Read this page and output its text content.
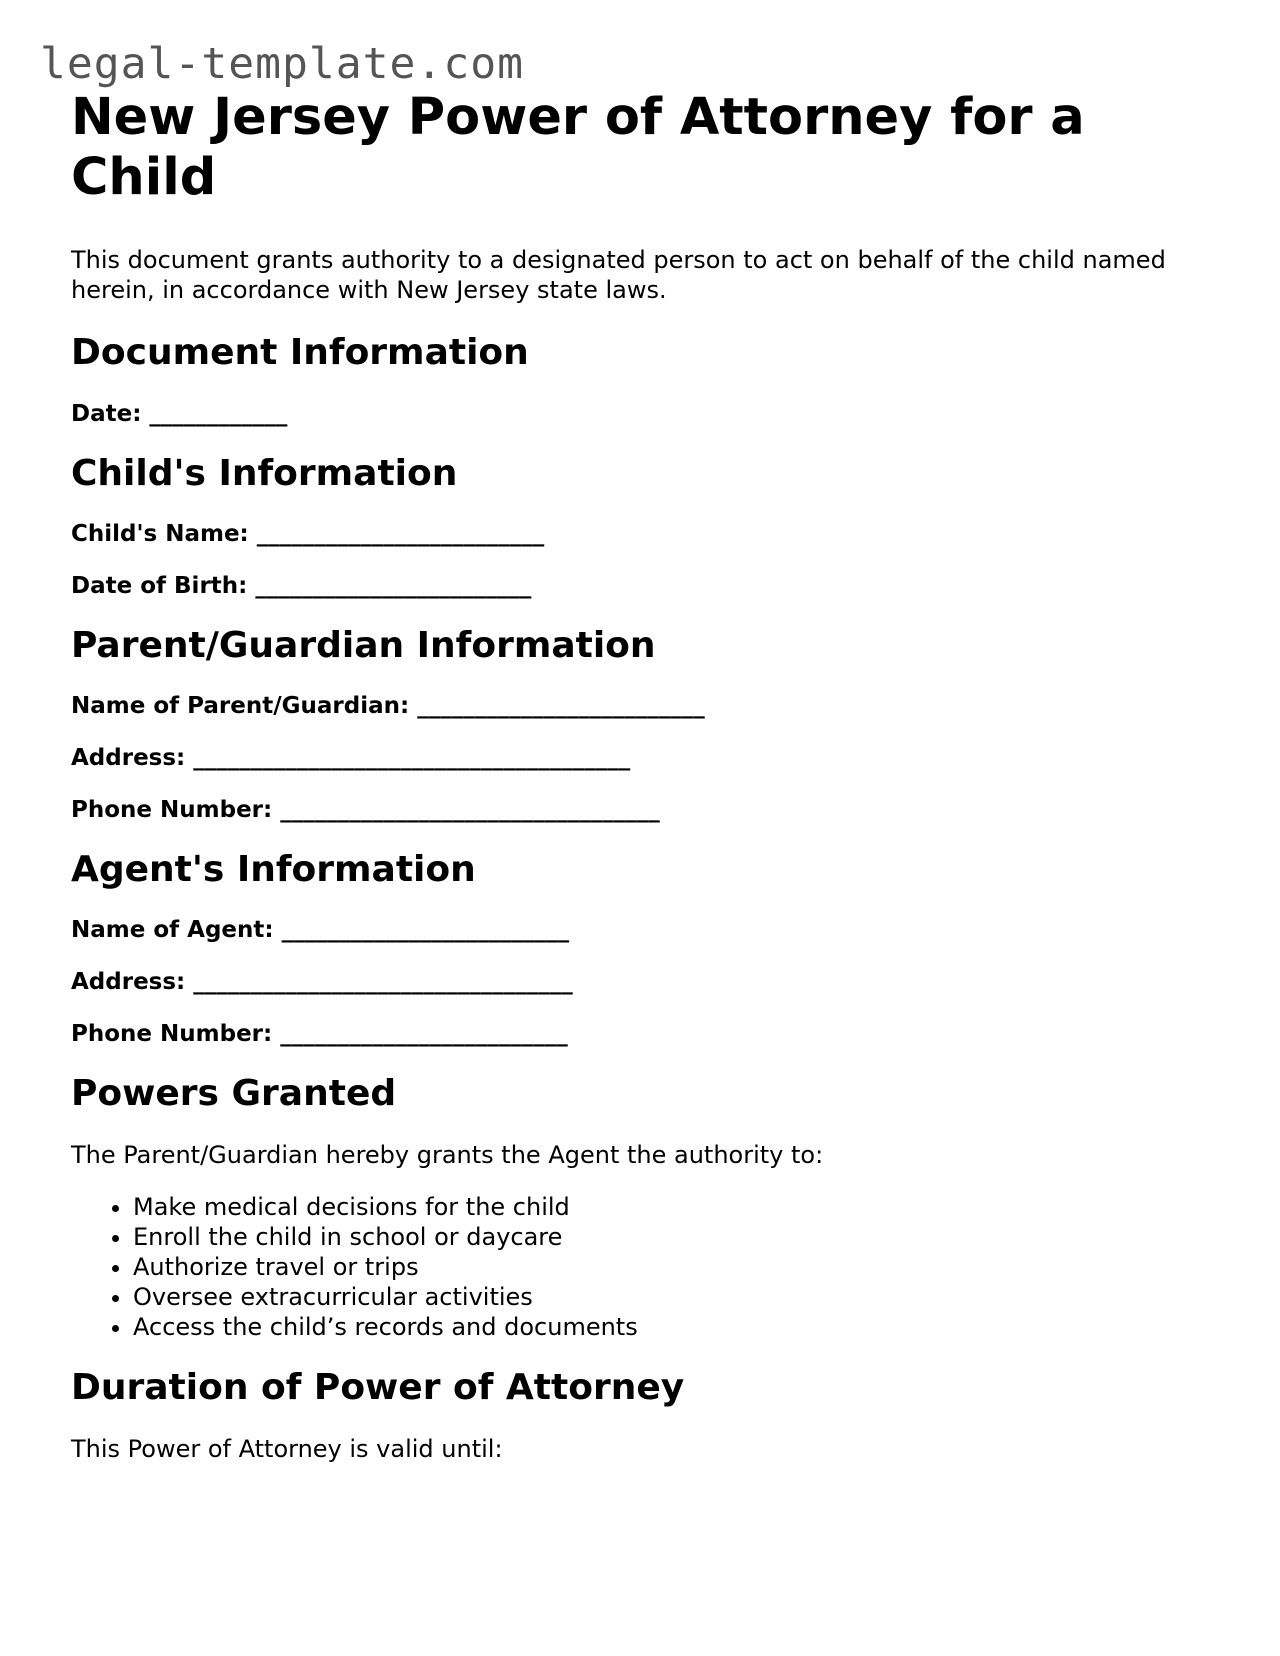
legal-template.com
New Jersey Power of Attorney for a Child

This document grants authority to a designated person to act on behalf of the child named herein, in accordance with New Jersey state laws.

Document Information
Date: ____________
Child's Information
Child's Name: _________________________
Date of Birth: ________________________
Parent/Guardian Information
Name of Parent/Guardian: _________________________
Address: ______________________________________
Phone Number: _________________________________
Agent's Information
Name of Agent: _________________________
Address: _________________________________
Phone Number: _________________________
Powers Granted

The Parent/Guardian hereby grants the Agent the authority to:

• Make medical decisions for the child
• Enroll the child in school or daycare
• Authorize travel or trips
• Oversee extracurricular activities
• Access the child’s records and documents
Duration of Power of Attorney

This Power of Attorney is valid until:
